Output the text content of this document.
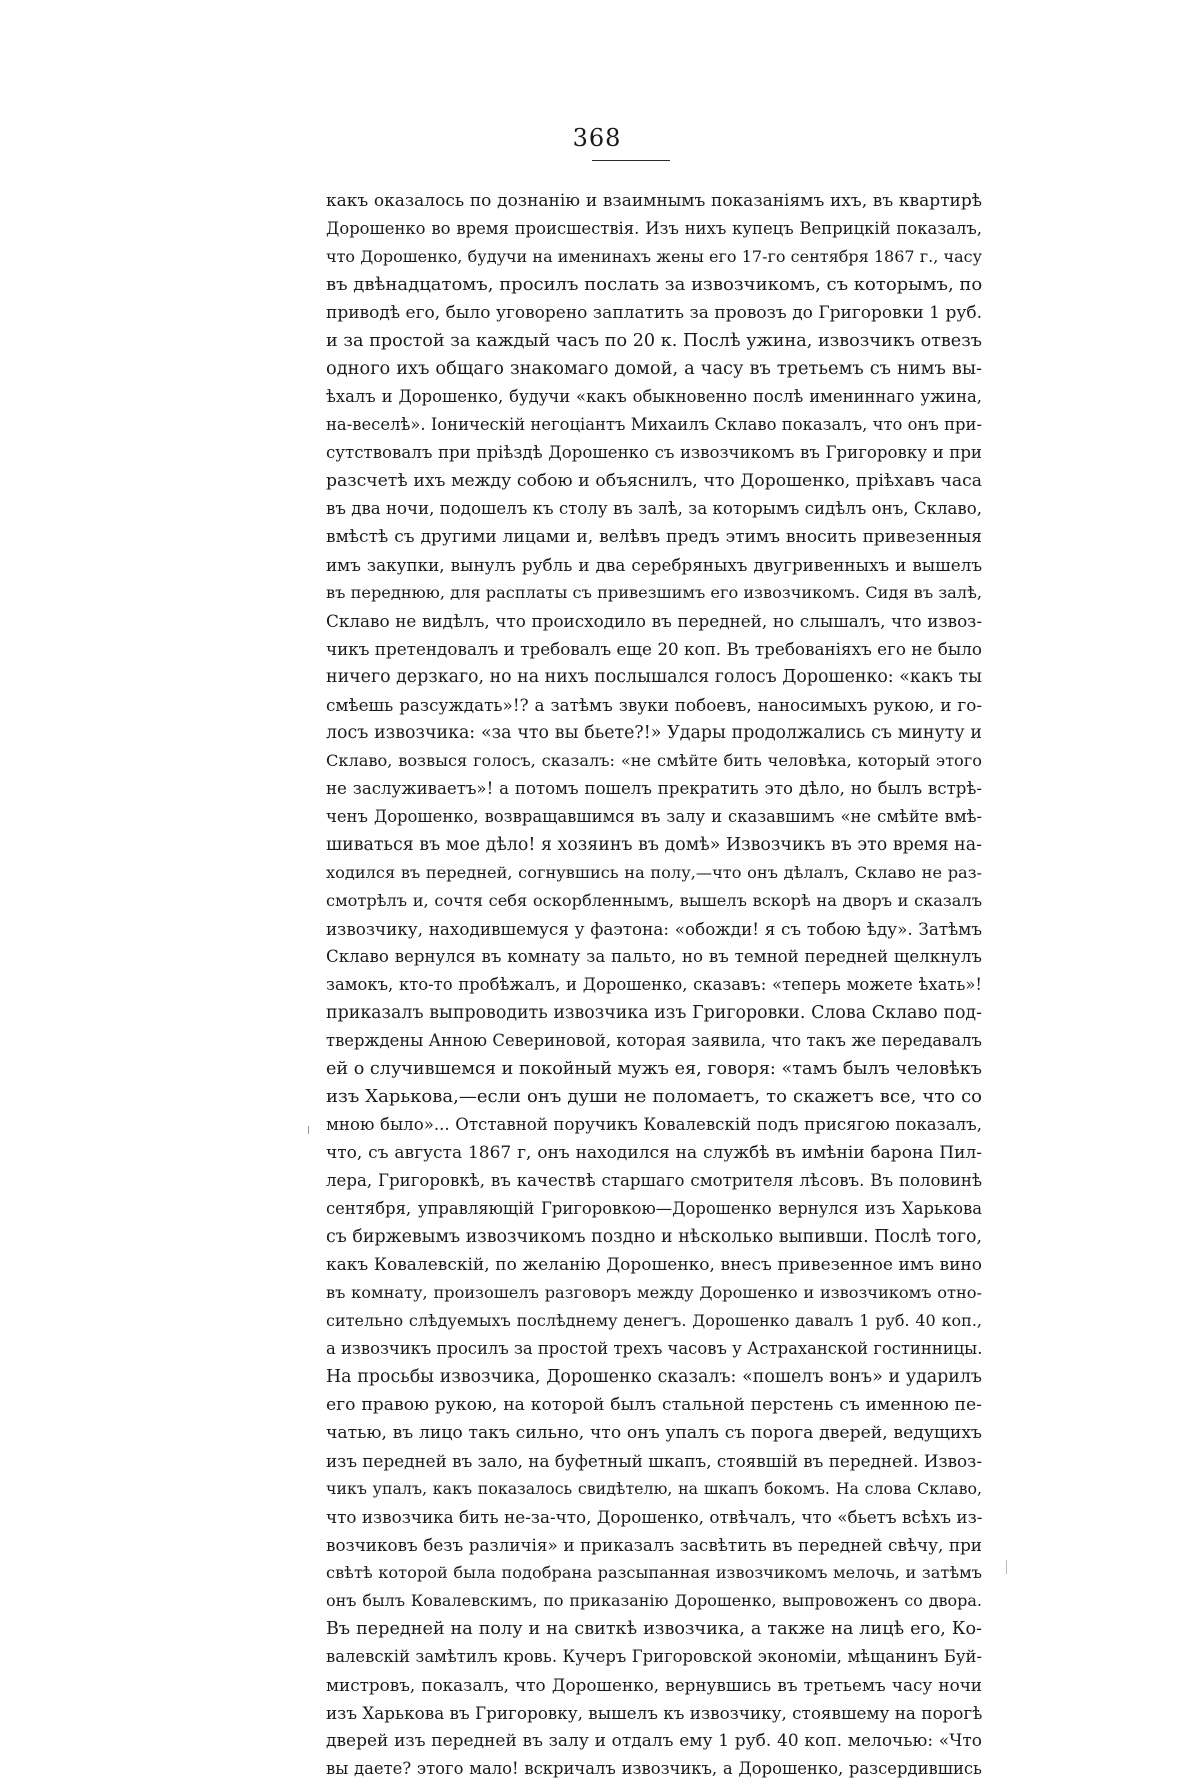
368
какъ оказалось по дознанію и взаимнымъ показаніямъ ихъ, въ квартирѣ
Дорошенко во время происшествія. Изъ нихъ купецъ Веприцкій показалъ,
что Дорошенко, будучи на именинахъ жены его 17-го сентября 1867 г., часу
въ двѣнадцатомъ, просилъ послать за извозчикомъ, съ которымъ, по
приводѣ его, было уговорено заплатить за провозъ до Григоровки 1 руб.
и за простой за каждый часъ по 20 к. Послѣ ужина, извозчикъ отвезъ
одного ихъ общаго знакомаго домой, а часу въ третьемъ съ нимъ вы-
ѣхалъ и Дорошенко, будучи «какъ обыкновенно послѣ имениннаго ужина,
на-веселѣ». Іоническій негоціантъ Михаилъ Склаво показалъ, что онъ при-
сутствовалъ при пріѣздѣ Дорошенко съ извозчикомъ въ Григоровку и при
разсчетѣ ихъ между собою и объяснилъ, что Дорошенко, пріѣхавъ часа
въ два ночи, подошелъ къ столу въ залѣ, за которымъ сидѣлъ онъ, Склаво,
вмѣстѣ съ другими лицами и, велѣвъ предъ этимъ вносить привезенныя
имъ закупки, вынулъ рубль и два серебряныхъ двугривенныхъ и вышелъ
въ переднюю, для расплаты съ привезшимъ его извозчикомъ. Сидя въ залѣ,
Склаво не видѣлъ, что происходило въ передней, но слышалъ, что извоз-
чикъ претендовалъ и требовалъ еще 20 коп. Въ требованіяхъ его не было
ничего дерзкаго, но на нихъ послышался голосъ Дорошенко: «какъ ты
смѣешь разсуждать»!? а затѣмъ звуки побоевъ, наносимыхъ рукою, и го-
лосъ извозчика: «за что вы бьете?!» Удары продолжались съ минуту и
Склаво, возвыся голосъ, сказалъ: «не смѣйте бить человѣка, который этого
не заслуживаетъ»! а потомъ пошелъ прекратить это дѣло, но былъ встрѣ-
ченъ Дорошенко, возвращавшимся въ залу и сказавшимъ «не смѣйте вмѣ-
шиваться въ мое дѣло! я хозяинъ въ домѣ» Извозчикъ въ это время на-
ходился въ передней, согнувшись на полу,—что онъ дѣлалъ, Склаво не раз-
смотрѣлъ и, сочтя себя оскорбленнымъ, вышелъ вскорѣ на дворъ и сказалъ
извозчику, находившемуся у фаэтона: «обожди! я съ тобою ѣду». Затѣмъ
Склаво вернулся въ комнату за пальто, но въ темной передней щелкнулъ
замокъ, кто-то пробѣжалъ, и Дорошенко, сказавъ: «теперь можете ѣхать»!
приказалъ выпроводить извозчика изъ Григоровки. Слова Склаво под-
тверждены Анною Севериновой, которая заявила, что такъ же передавалъ
ей о случившемся и покойный мужъ ея, говоря: «тамъ былъ человѣкъ
изъ Харькова,—если онъ души не поломаетъ, то скажетъ все, что со
мною было»... Отставной поручикъ Ковалевскій подъ присягою показалъ,
что, съ августа 1867 г, онъ находился на службѣ въ имѣніи барона Пил-
лера, Григоровкѣ, въ качествѣ старшаго смотрителя лѣсовъ. Въ половинѣ
сентября, управляющій Григоровкою—Дорошенко вернулся изъ Харькова
съ биржевымъ извозчикомъ поздно и нѣсколько выпивши. Послѣ того,
какъ Ковалевскій, по желанію Дорошенко, внесъ привезенное имъ вино
въ комнату, произошелъ разговоръ между Дорошенко и извозчикомъ отно-
сительно слѣдуемыхъ послѣднему денегъ. Дорошенко давалъ 1 руб. 40 коп.,
а извозчикъ просилъ за простой трехъ часовъ у Астраханской гостинницы.
На просьбы извозчика, Дорошенко сказалъ: «пошелъ вонъ» и ударилъ
его правою рукою, на которой былъ стальной перстень съ именною пе-
чатью, въ лицо такъ сильно, что онъ упалъ съ порога дверей, ведущихъ
изъ передней въ зало, на буфетный шкапъ, стоявшій въ передней. Извоз-
чикъ упалъ, какъ показалось свидѣтелю, на шкапъ бокомъ. На слова Склаво,
что извозчика бить не-за-что, Дорошенко, отвѣчалъ, что «бьетъ всѣхъ из-
возчиковъ безъ различія» и приказалъ засвѣтить въ передней свѣчу, при
свѣтѣ которой была подобрана разсыпанная извозчикомъ мелочь, и затѣмъ
онъ былъ Ковалевскимъ, по приказанію Дорошенко, выпровоженъ со двора.
Въ передней на полу и на свиткѣ извозчика, а также на лицѣ его, Ко-
валевскій замѣтилъ кровь. Кучеръ Григоровской экономіи, мѣщанинъ Буй-
мистровъ, показалъ, что Дорошенко, вернувшись въ третьемъ часу ночи
изъ Харькова въ Григоровку, вышелъ къ извозчику, стоявшему на порогѣ
дверей изъ передней въ залу и отдалъ ему 1 руб. 40 коп. мелочью: «Что
вы даете? этого мало! вскричалъ извозчикъ, а Дорошенко, разсердившись
